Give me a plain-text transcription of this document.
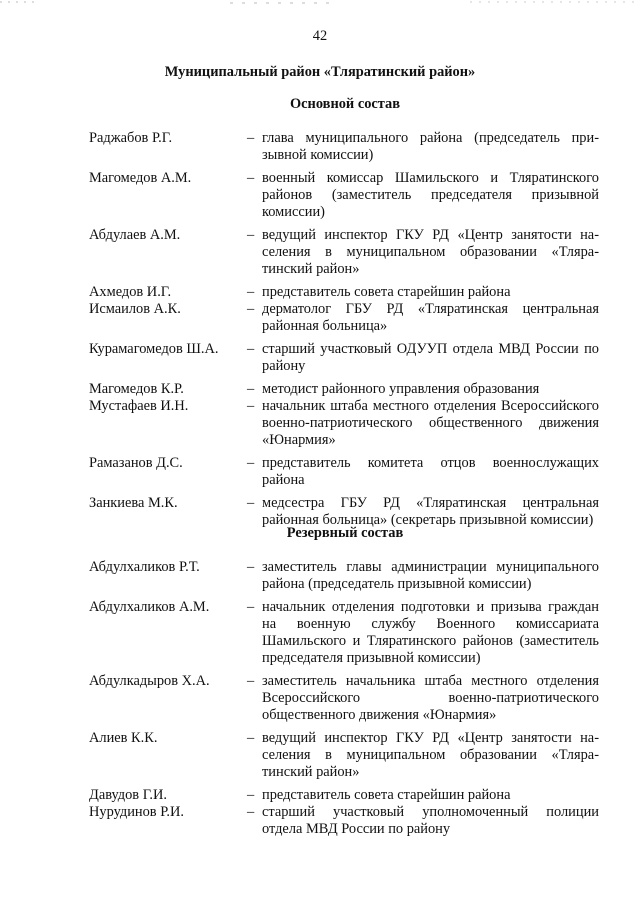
42
Муниципальный район «Тляратинский район»
Основной состав
Раджабов Р.Г.	– глава муниципального района (председатель призывной комиссии)
Магомедов А.М.	– военный комиссар Шамильского и Тляратинского районов (заместитель председателя призывной комиссии)
Абдулаев А.М.	– ведущий инспектор ГКУ РД «Центр занятости населения в муниципальном образовании «Тляратинский район»
Ахмедов И.Г.	– представитель совета старейшин района
Исмаилов А.К.	– дерматолог ГБУ РД «Тляратинская центральная районная больница»
Курамагомедов Ш.А.	– старший участковый ОДУУП отдела МВД России по району
Магомедов К.Р.	– методист районного управления образования
Мустафаев И.Н.	– начальник штаба местного отделения Всероссийского военно-патриотического общественного движения «Юнармия»
Рамазанов Д.С.	– представитель комитета отцов военнослужащих района
Занкиева М.К.	– медсестра ГБУ РД «Тляратинская центральная районная больница» (секретарь призывной комиссии)
Резервный состав
Абдулхаликов Р.Т.	– заместитель главы администрации муниципального района (председатель призывной комиссии)
Абдулхаликов А.М.	– начальник отделения подготовки и призыва граждан на военную службу Военного комиссариата Шамильского и Тляратинского районов (заместитель председателя призывной комиссии)
Абдулкадыров Х.А.	– заместитель начальника штаба местного отделения Всероссийского военно-патриотического общественного движения «Юнармия»
Алиев К.К.	– ведущий инспектор ГКУ РД «Центр занятости населения в муниципальном образовании «Тляратинский район»
Давудов Г.И.	– представитель совета старейшин района
Нурудинов Р.И.	– старший участковый уполномоченный полиции отдела МВД России по району
